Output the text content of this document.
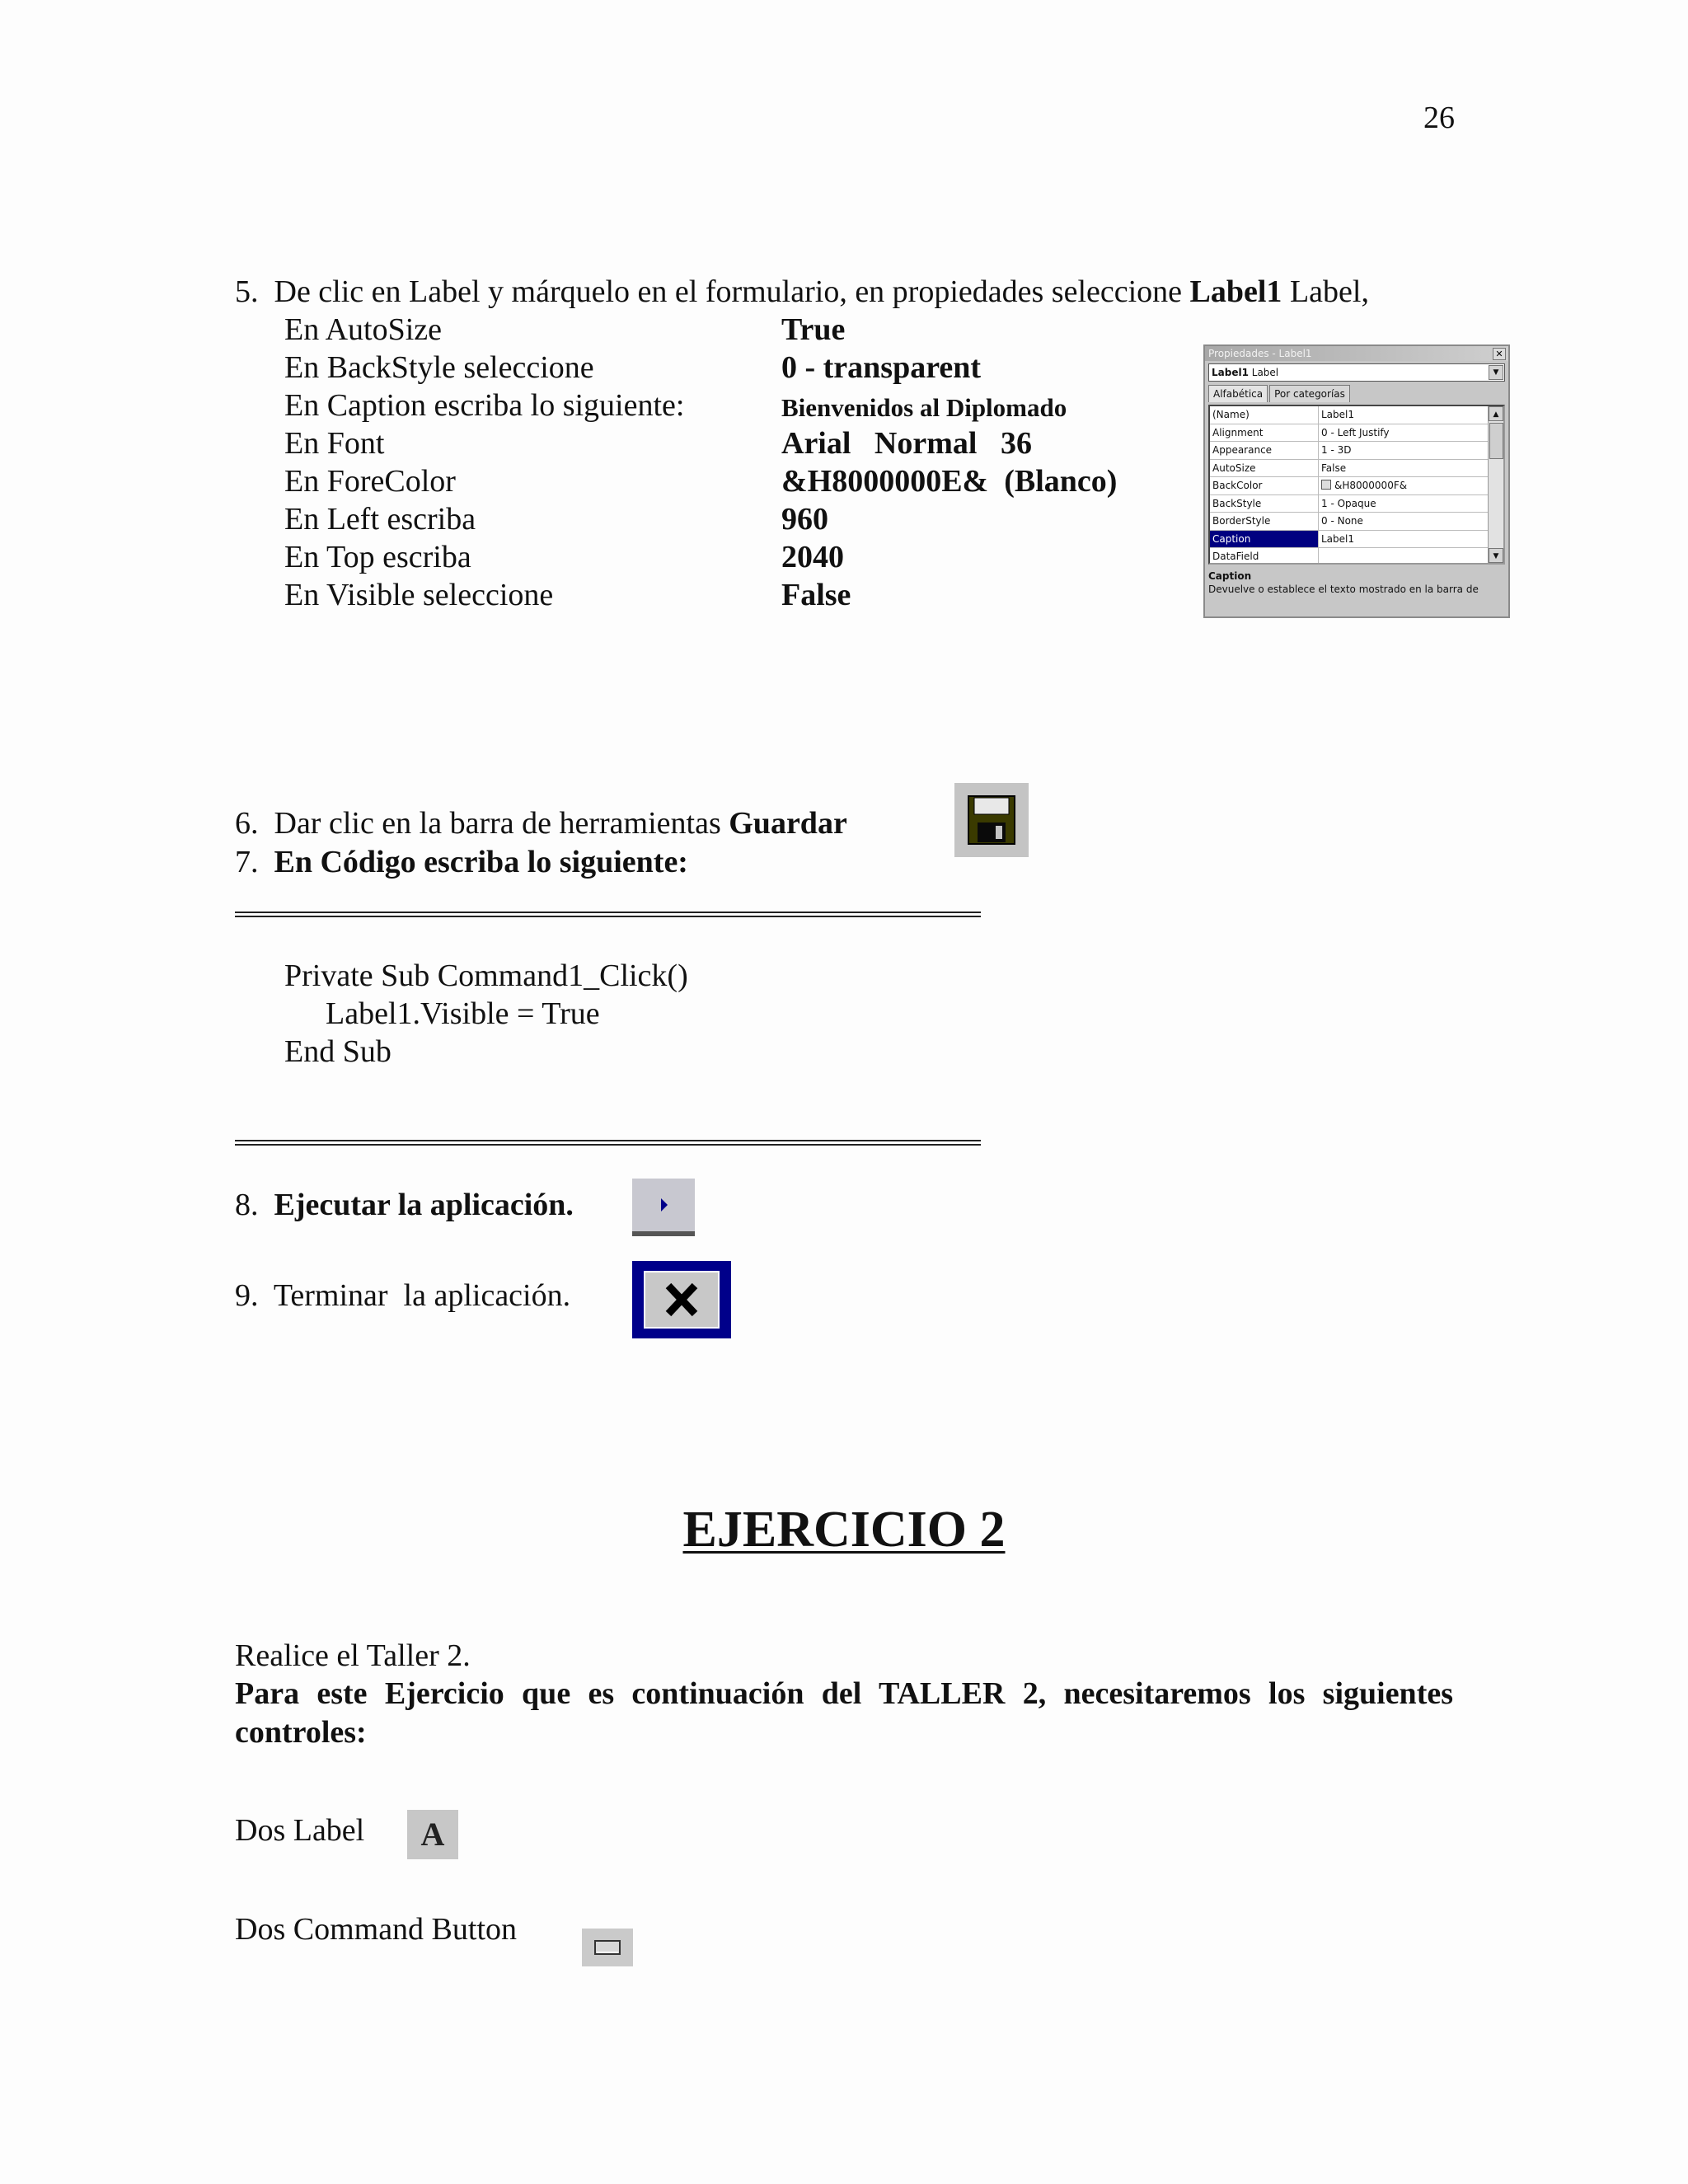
26
5. De clic en Label y márquelo en el formulario, en propiedades seleccione Label1 Label,
En AutoSize	True
En BackStyle seleccione	0 - transparent
En Caption escriba lo siguiente:	Bienvenidos al Diplomado
En Font	Arial   Normal   36
En ForeColor	&H8000000E&  (Blanco)
En Left escriba	960
En Top escriba	2040
En Visible seleccione	False
Propiedades - Label1	✕
Label1 Label	▼
Alfabética Por categorías
(Name)	Label1
Alignment	0 - Left Justify
Appearance	1 - 3D
AutoSize	False
BackColor	&H8000000F&
BackStyle	1 - Opaque
BorderStyle	0 - None
Caption	Label1
DataField
▲
▼
Caption
Devuelve o establece el texto mostrado en la barra de
6. Dar clic en la barra de herramientas Guardar
7. En Código escriba lo siguiente:
Private Sub Command1_Click()
Label1.Visible = True
End Sub
8. Ejecutar la aplicación.
9. Terminar  la aplicación.
EJERCICIO 2
Realice el Taller 2.
Para este Ejercicio que es continuación del TALLER 2, necesitaremos los siguientes controles:
Dos Label	A
Dos Command Button
